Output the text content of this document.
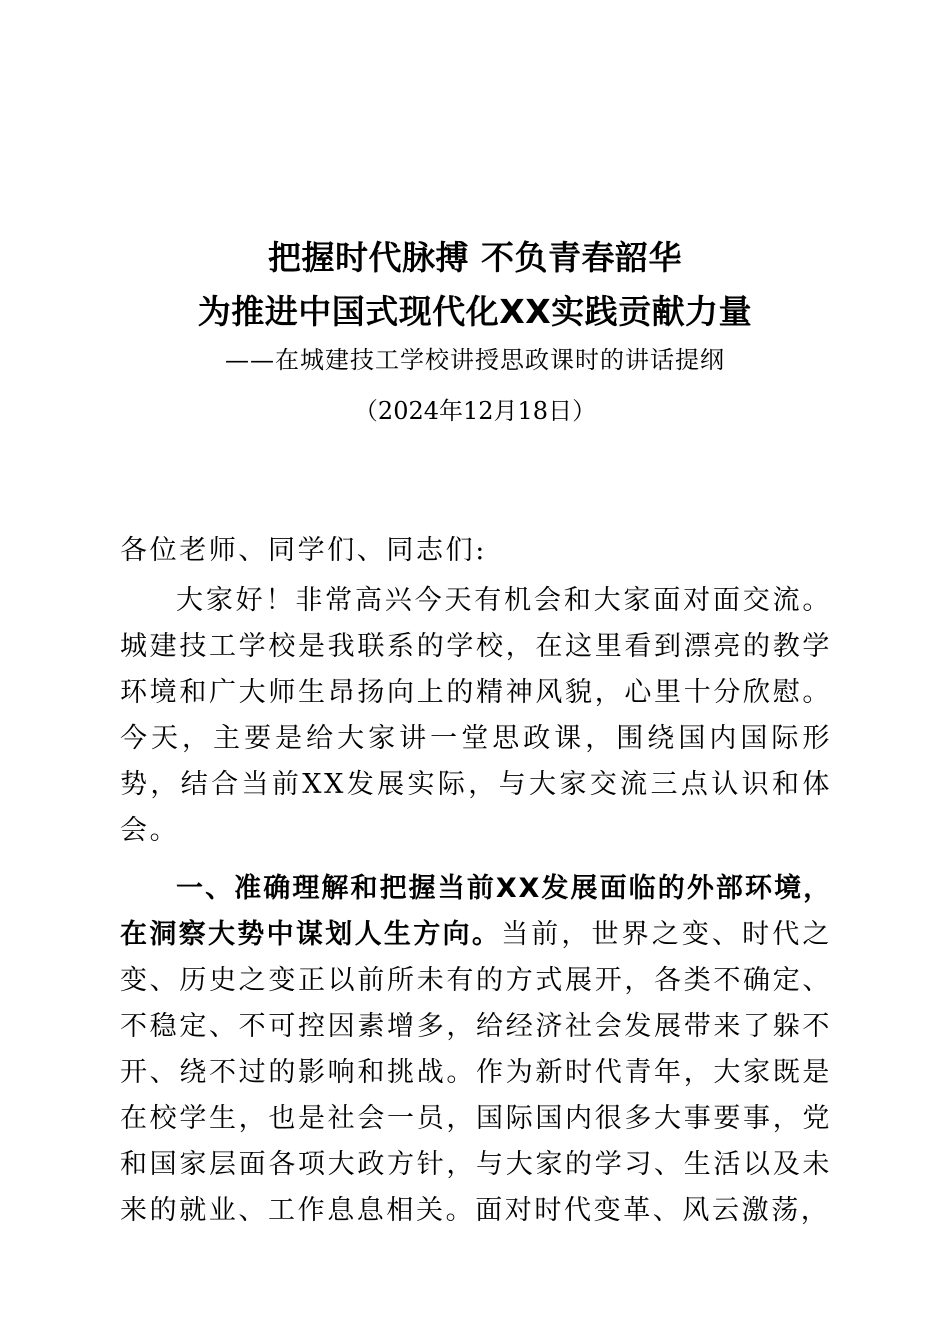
把握时代脉搏 不负青春韶华
为推进中国式现代化XX实践贡献力量
——在城建技工学校讲授思政课时的讲话提纲
（2024年12月18日）

各位老师、同学们、同志们:

大家好！非常高兴今天有机会和大家面对面交流。城建技工学校是我联系的学校，在这里看到漂亮的教学环境和广大师生昂扬向上的精神风貌，心里十分欣慰。今天，主要是给大家讲一堂思政课，围绕国内国际形势，结合当前XX发展实际，与大家交流三点认识和体会。

一、准确理解和把握当前XX发展面临的外部环境，在洞察大势中谋划人生方向。当前，世界之变、时代之变、历史之变正以前所未有的方式展开，各类不确定、不稳定、不可控因素增多，给经济社会发展带来了躲不开、绕不过的影响和挑战。作为新时代青年，大家既是在校学生，也是社会一员，国际国内很多大事要事，党和国家层面各项大政方针，与大家的学习、生活以及未来的就业、工作息息相关。面对时代变革、风云激荡，
